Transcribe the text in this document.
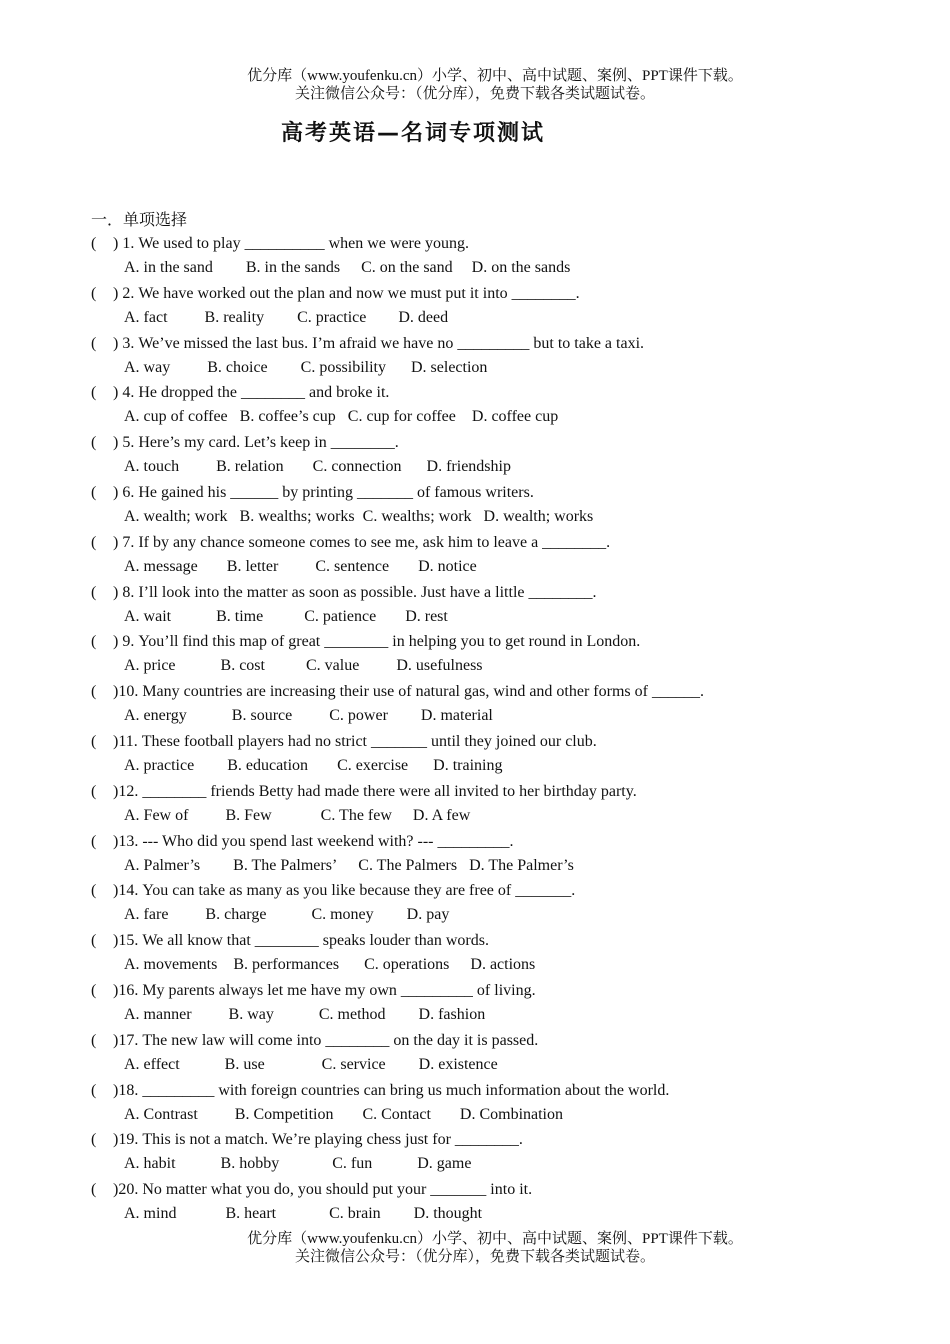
优分库（www.youfenku.cn）小学、初中、高中试题、案例、PPT课件下载。
关注微信公众号：（优分库），免费下载各类试题试卷。
高考英语—名词专项测试
一．单项选择
( ) 1. We used to play __________ when we were young.
A. in the sand B. in the sands C. on the sand D. on the sands
( ) 2. We have worked out the plan and now we must put it into ________.
A. fact B. reality C. practice D. deed
( ) 3. We’ve missed the last bus. I’m afraid we have no _________ but to take a taxi.
A. way B. choice C. possibility D. selection
( ) 4. He dropped the ________ and broke it.
A. cup of coffee B. coffee’s cup C. cup for coffee D. coffee cup
( ) 5. Here’s my card. Let’s keep in ________.
A. touch B. relation C. connection D. friendship
( ) 6. He gained his ______ by printing _______ of famous writers.
A. wealth; work B. wealths; works C. wealths; work D. wealth; works
( ) 7. If by any chance someone comes to see me, ask him to leave a ________.
A. message B. letter C. sentence D. notice
( ) 8. I’ll look into the matter as soon as possible. Just have a little ________.
A. wait	B. time	C. patience D. rest
( ) 9. You’ll find this map of great ________ in helping you to get round in London.
A. price	B. cost	C. value D. usefulness
( )10. Many countries are increasing their use of natural gas, wind and other forms of ______.
A. energy	B. source C. power D. material
( )11. These football players had no strict _______ until they joined our club.
A. practice B. education C. exercise D. training
( )12. ________ friends Betty had made there were all invited to her birthday party.
A. Few of B. Few	C. The few D. A few
( )13. --- Who did you spend last weekend with? --- _________.
A. Palmer’s B. The Palmers’ C. The Palmers D. The Palmer’s
( )14. You can take as many as you like because they are free of _______.
A. fare B. charge	C. money D. pay
( )15. We all know that ________ speaks louder than words.
A. movements B. performances C. operations D. actions
( )16. My parents always let me have my own _________ of living.
A. manner B. way	C. method D. fashion
( )17. The new law will come into ________ on the day it is passed.
A. effect	B. use	C. service D. existence
( )18. _________ with foreign countries can bring us much information about the world.
A. Contrast B. Competition C. Contact D. Combination
( )19. This is not a match. We’re playing chess just for ________.
A. habit	B. hobby	C. fun	D. game
( )20. No matter what you do, you should put your _______ into it.
A. mind	B. heart	C. brain D. thought
优分库（www.youfenku.cn）小学、初中、高中试题、案例、PPT课件下载。
关注微信公众号：（优分库），免费下载各类试题试卷。
